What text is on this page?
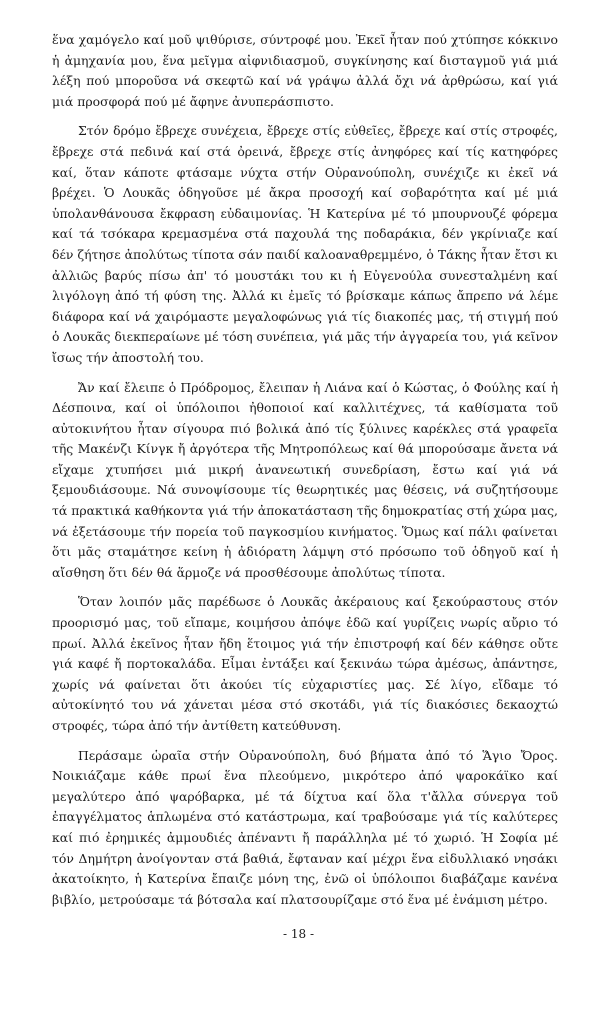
ἕνα χαμόγελο καί μοῦ ψιθύρισε, σύντροφέ μου. Ἐκεῖ ἦταν πού χτύπησε κόκκινο ἡ ἀμηχανία μου, ἕνα μεῖγμα αἰφνιδιασμοῦ, συγκίνησης καί δισταγμοῦ γιά μιά λέξη πού μποροῦσα νά σκεφτῶ καί νά γράψω ἀλλά ὄχι νά ἀρθρώσω, καί γιά μιά προσφορά πού μέ ἄφηνε ἀνυπεράσπιστο.

Στόν δρόμο ἔβρεχε συνέχεια, ἔβρεχε στίς εὐθεῖες, ἔβρεχε καί στίς στροφές, ἔβρεχε στά πεδινά καί στά ὀρεινά, ἔβρεχε στίς ἀνηφόρες καί τίς κατηφόρες καί, ὅταν κάποτε φτάσαμε νύχτα στήν Οὐρανούπολη, συνέχιζε κι ἐκεῖ νά βρέχει. Ὁ Λουκᾶς ὁδηγοῦσε μέ ἄκρα προσοχή καί σοβαρότητα καί μέ μιά ὑπολανθάνουσα ἔκφραση εὐδαιμονίας. Ἡ Κατερίνα μέ τό μπουρνουζέ φόρεμα καί τά τσόκαρα κρεμασμένα στά παχουλά της ποδαράκια, δέν γκρίνιαζε καί δέν ζήτησε ἀπολύτως τίποτα σάν παιδί καλοαναθρεμμένο, ὁ Τάκης ἦταν ἔτσι κι ἀλλιῶς βαρύς πίσω ἀπ' τό μουστάκι του κι ἡ Εὐγενούλα συνεσταλμένη καί λιγόλογη ἀπό τή φύση της. Ἀλλά κι ἐμεῖς τό βρίσκαμε κάπως ἄπρεπο νά λέμε διάφορα καί νά χαιρόμαστε μεγαλοφώνως γιά τίς διακοπές μας, τή στιγμή πού ὁ Λουκᾶς διεκπεραίωνε μέ τόση συνέπεια, γιά μᾶς τήν ἀγγαρεία του, γιά κεῖνον ἴσως τήν ἀποστολή του.

Ἄν καί ἔλειπε ὁ Πρόδρομος, ἔλειπαν ἡ Λιάνα καί ὁ Κώστας, ὁ Φούλης καί ἡ Δέσποινα, καί οἱ ὑπόλοιποι ἠθοποιοί καί καλλιτέχνες, τά καθίσματα τοῦ αὐτοκινήτου ἦταν σίγουρα πιό βολικά ἀπό τίς ξύλινες καρέκλες στά γραφεῖα τῆς Μακένζι Κίνγκ ἤ ἀργότερα τῆς Μητροπόλεως καί θά μπορούσαμε ἄνετα νά εἴχαμε χτυπήσει μιά μικρή ἀνανεωτική συνεδρίαση, ἔστω καί γιά νά ξεμουδιάσουμε. Νά συνοψίσουμε τίς θεωρητικές μας θέσεις, νά συζητήσουμε τά πρακτικά καθήκοντα γιά τήν ἀποκατάσταση τῆς δημοκρατίας στή χώρα μας, νά ἐξετάσουμε τήν πορεία τοῦ παγκοσμίου κινήματος. Ὅμως καί πάλι φαίνεται ὅτι μᾶς σταμάτησε κείνη ἡ ἀδιόρατη λάμψη στό πρόσωπο τοῦ ὁδηγοῦ καί ἡ αἴσθηση ὅτι δέν θά ἅρμοζε νά προσθέσουμε ἀπολύτως τίποτα.

Ὅταν λοιπόν μᾶς παρέδωσε ὁ Λουκᾶς ἀκέραιους καί ξεκούραστους στόν προορισμό μας, τοῦ εἴπαμε, κοιμήσου ἀπόψε ἐδῶ καί γυρίζεις νωρίς αὔριο τό πρωί. Ἀλλά ἐκεῖνος ἦταν ἤδη ἕτοιμος γιά τήν ἐπιστροφή καί δέν κάθησε οὔτε γιά καφέ ἤ πορτοκαλάδα. Εἶμαι ἐντάξει καί ξεκινάω τώρα ἀμέσως, ἀπάντησε, χωρίς νά φαίνεται ὅτι ἀκούει τίς εὐχαριστίες μας. Σέ λίγο, εἴδαμε τό αὐτοκίνητό του νά χάνεται μέσα στό σκοτάδι, γιά τίς διακόσιες δεκαοχτώ στροφές, τώρα ἀπό τήν ἀντίθετη κατεύθυνση.

Περάσαμε ὡραῖα στήν Οὐρανούπολη, δυό βήματα ἀπό τό Ἅγιο Ὄρος. Νοικιάζαμε κάθε πρωί ἕνα πλεούμενο, μικρότερο ἀπό ψαροκάϊκο καί μεγαλύτερο ἀπό ψαρόβαρκα, μέ τά δίχτυα καί ὅλα τ'ἄλλα σύνεργα τοῦ ἐπαγγέλματος ἁπλωμένα στό κατάστρωμα, καί τραβούσαμε γιά τίς καλύτερες καί πιό ἐρημικές ἀμμουδιές ἀπέναντι ἤ παράλληλα μέ τό χωριό. Ἡ Σοφία μέ τόν Δημήτρη ἀνοίγονταν στά βαθιά, ἔφταναν καί μέχρι ἕνα εἰδυλλιακό νησάκι ἀκατοίκητο, ἡ Κατερίνα ἔπαιζε μόνη της, ἐνῶ οἱ ὑπόλοιποι διαβάζαμε κανένα βιβλίο, μετρούσαμε τά βότσαλα καί πλατσουρίζαμε στό ἕνα μέ ἐνάμιση μέτρο.

- 18 -
